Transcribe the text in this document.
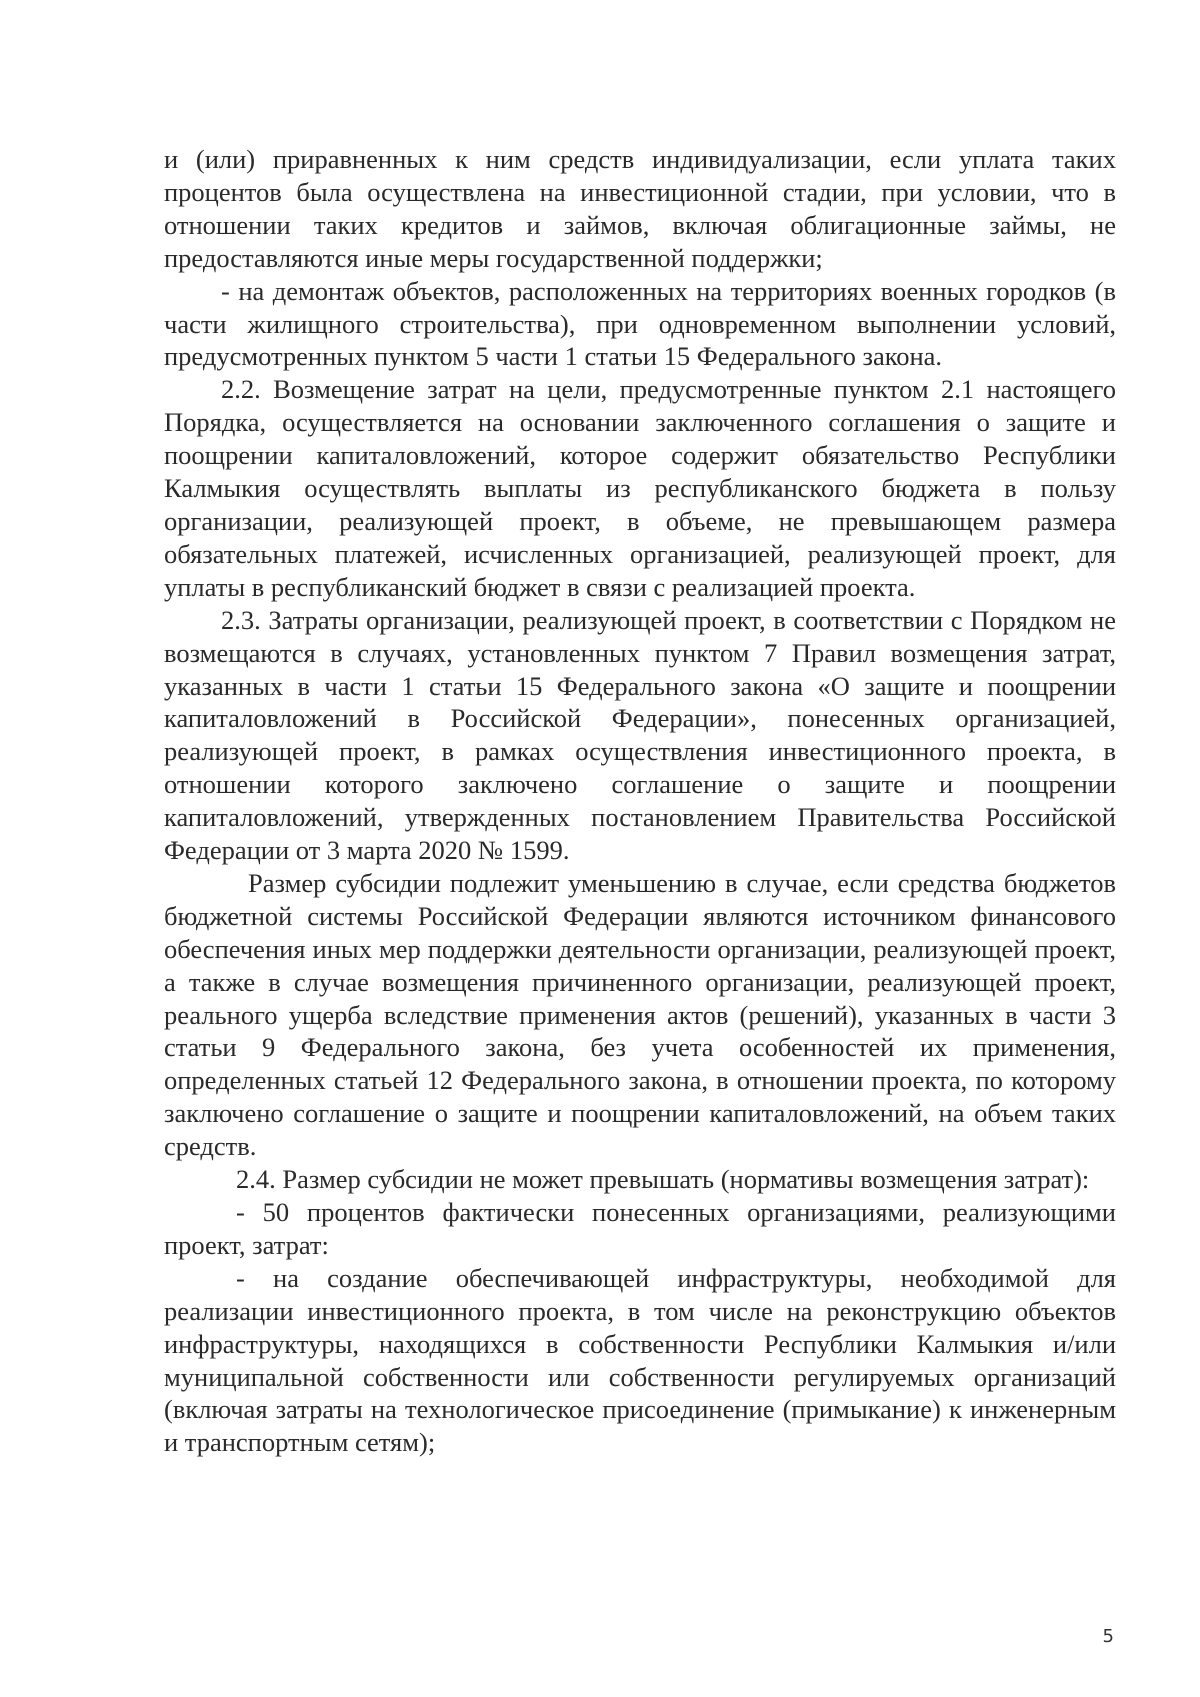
и (или) приравненных к ним средств индивидуализации, если уплата таких процентов была осуществлена на инвестиционной стадии, при условии, что в отношении таких кредитов и займов, включая облигационные займы, не предоставляются иные меры государственной поддержки;

- на демонтаж объектов, расположенных на территориях военных городков (в части жилищного строительства), при одновременном выполнении условий, предусмотренных пунктом 5 части 1 статьи 15 Федерального закона.

2.2. Возмещение затрат на цели, предусмотренные пунктом 2.1 настоящего Порядка, осуществляется на основании заключенного соглашения о защите и поощрении капиталовложений, которое содержит обязательство Республики Калмыкия осуществлять выплаты из республиканского бюджета в пользу организации, реализующей проект, в объеме, не превышающем размера обязательных платежей, исчисленных организацией, реализующей проект, для уплаты в республиканский бюджет в связи с реализацией проекта.

2.3. Затраты организации, реализующей проект, в соответствии с Порядком не возмещаются в случаях, установленных пунктом 7 Правил возмещения затрат, указанных в части 1 статьи 15 Федерального закона «О защите и поощрении капиталовложений в Российской Федерации», понесенных организацией, реализующей проект, в рамках осуществления инвестиционного проекта, в отношении которого заключено соглашение о защите и поощрении капиталовложений, утвержденных постановлением Правительства Российской Федерации от 3 марта 2020 № 1599.

Размер субсидии подлежит уменьшению в случае, если средства бюджетов бюджетной системы Российской Федерации являются источником финансового обеспечения иных мер поддержки деятельности организации, реализующей проект, а также в случае возмещения причиненного организации, реализующей проект, реального ущерба вследствие применения актов (решений), указанных в части 3 статьи 9 Федерального закона, без учета особенностей их применения, определенных статьей 12 Федерального закона, в отношении проекта, по которому заключено соглашение о защите и поощрении капиталовложений, на объем таких средств.

2.4. Размер субсидии не может превышать (нормативы возмещения затрат):

- 50 процентов фактически понесенных организациями, реализующими проект, затрат:

- на создание обеспечивающей инфраструктуры, необходимой для реализации инвестиционного проекта, в том числе на реконструкцию объектов инфраструктуры, находящихся в собственности Республики Калмыкия и/или муниципальной собственности или собственности регулируемых организаций (включая затраты на технологическое присоединение (примыкание) к инженерным и транспортным сетям);

5
